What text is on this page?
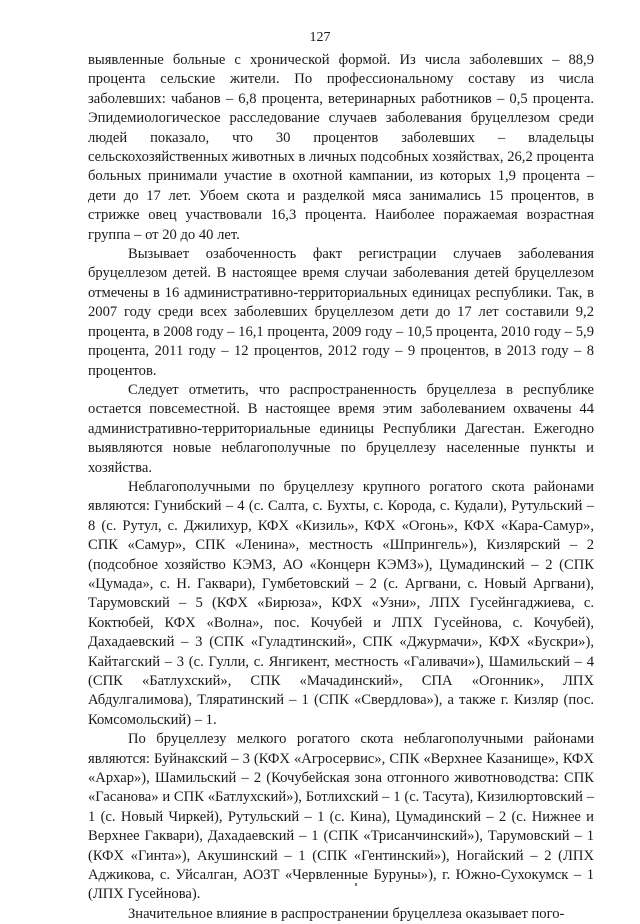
127

выявленные больные с хронической формой. Из числа заболевших – 88,9 процента сельские жители. По профессиональному составу из числа заболевших: чабанов – 6,8 процента, ветеринарных работников – 0,5 процента. Эпидемиологическое расследование случаев заболевания бруцеллезом среди людей показало, что 30 процентов заболевших – владельцы сельскохозяйственных животных в личных подсобных хозяйствах, 26,2 процента больных принимали участие в охотной кампании, из которых 1,9 процента – дети до 17 лет. Убоем скота и разделкой мяса занимались 15 процентов, в стрижке овец участвовали 16,3 процента. Наиболее поражаемая возрастная группа – от 20 до 40 лет.

Вызывает озабоченность факт регистрации случаев заболевания бруцеллезом детей. В настоящее время случаи заболевания детей бруцеллезом отмечены в 16 административно-территориальных единицах республики. Так, в 2007 году среди всех заболевших бруцеллезом дети до 17 лет составили 9,2 процента, в 2008 году – 16,1 процента, 2009 году – 10,5 процента, 2010 году – 5,9 процента, 2011 году – 12 процентов, 2012 году – 9 процентов, в 2013 году – 8 процентов.

Следует отметить, что распространенность бруцеллеза в республике остается повсеместной. В настоящее время этим заболеванием охвачены 44 административно-территориальные единицы Республики Дагестан. Ежегодно выявляются новые неблагополучные по бруцеллезу населенные пункты и хозяйства.

Неблагополучными по бруцеллезу крупного рогатого скота районами являются: Гунибский – 4 (с. Салта, с. Бухты, с. Корода, с. Кудали), Рутульский – 8 (с. Рутул, с. Джилихур, КФХ «Кизиль», КФХ «Огонь», КФХ «Кара-Самур», СПК «Самур», СПК «Ленина», местность «Шпрингель»), Кизлярский – 2 (подсобное хозяйство КЭМЗ, АО «Концерн КЭМЗ»), Цумадинский – 2 (СПК «Цумада», с. Н. Гаквари), Гумбетовский – 2 (с. Аргвани, с. Новый Аргвани), Тарумовский – 5 (КФХ «Бирюза», КФХ «Узни», ЛПХ Гусейнгаджиева, с. Коктюбей, КФХ «Волна», пос. Кочубей и ЛПХ Гусейнова, с. Кочубей), Дахадаевский – 3 (СПК «Гуладтинский», СПК «Джурмачи», КФХ «Бускри»), Кайтагский – 3 (с. Гулли, с. Янгикент, местность «Галивачи»), Шамильский – 4 (СПК «Батлухский», СПК «Мачадинский», СПА «Огонник», ЛПХ Абдулгалимова), Тляратинский – 1 (СПК «Свердлова»), а также г. Кизляр (пос. Комсомольский) – 1.

По бруцеллезу мелкого рогатого скота неблагополучными районами являются: Буйнакский – 3 (КФХ «Агросервис», СПК «Верхнее Казанище», КФХ «Архар»), Шамильский – 2 (Кочубейская зона отгонного животноводства: СПК «Гасанова» и СПК «Батлухский»), Ботлихский – 1 (с. Тасута), Кизилюртовский – 1 (с. Новый Чиркей), Рутульский – 1 (с. Кина), Цумадинский – 2 (с. Нижнее и Верхнее Гаквари), Дахадаевский – 1 (СПК «Трисанчинский»), Тарумовский – 1 (КФХ «Гинта»), Акушинский – 1 (СПК «Гентинский»), Ногайский – 2 (ЛПХ Аджикова, с. Уйсалган, АОЗТ «Червленные Буруны»), г. Южно-Сухокумск – 1 (ЛПХ Гусейнова).

Значительное влияние в распространении бруцеллеза оказывает пого-
